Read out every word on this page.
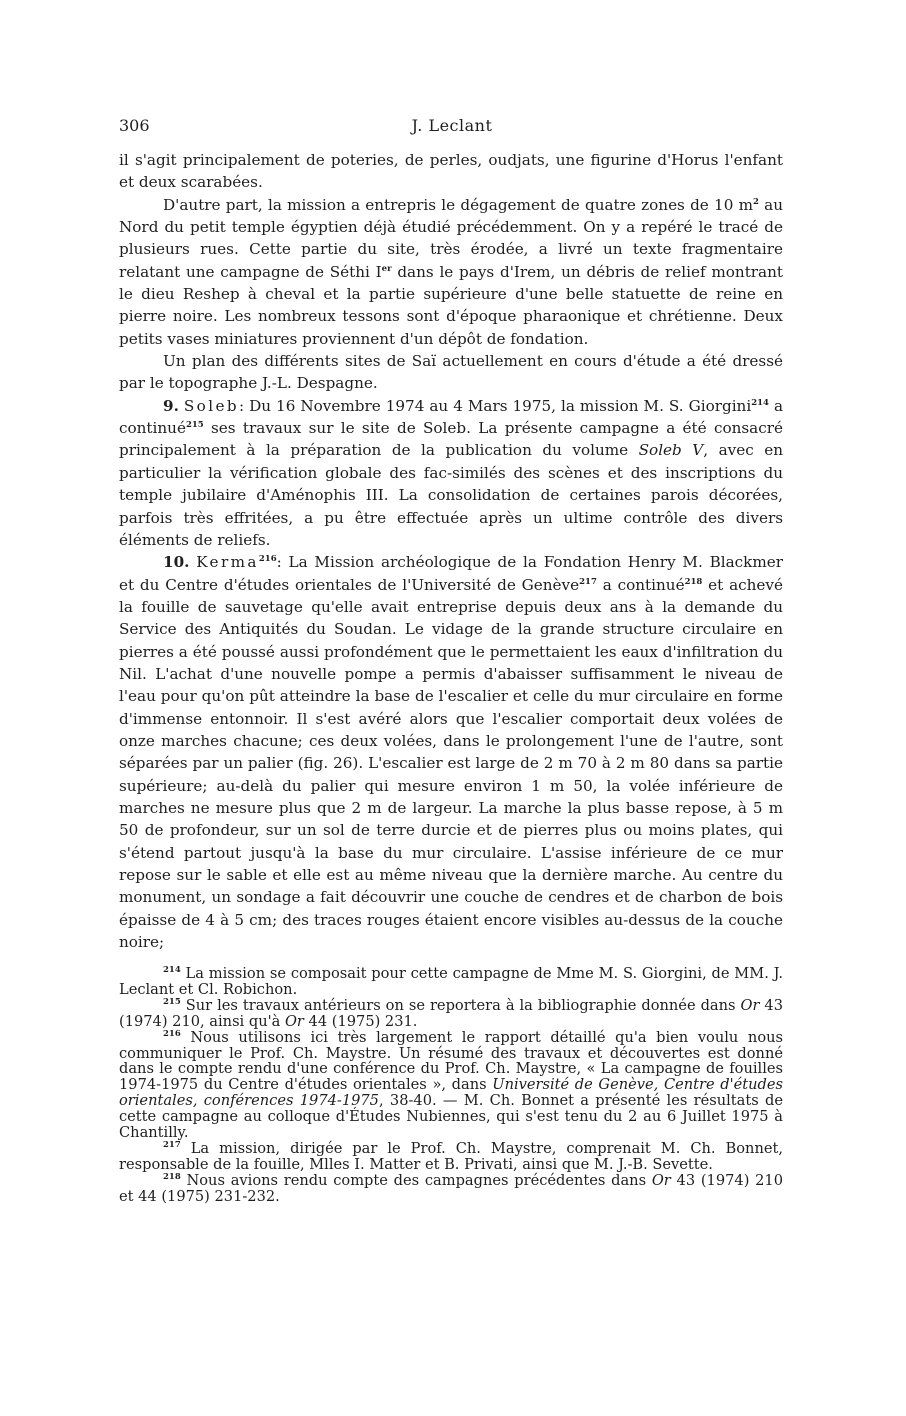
306	J. Leclant

il s'agit principalement de poteries, de perles, oudjats, une figurine d'Horus l'enfant et deux scarabées.

D'autre part, la mission a entrepris le dégagement de quatre zones de 10 m$^2$ au Nord du petit temple égyptien déjà étudié précédemment. On y a repéré le tracé de plusieurs rues. Cette partie du site, très érodée, a livré un texte fragmentaire relatant une campagne de Séthi Ier dans le pays d'Irem, un débris de relief montrant le dieu Reshep à cheval et la partie supérieure d'une belle statuette de reine en pierre noire. Les nombreux tessons sont d'époque pharaonique et chrétienne. Deux petits vases miniatures proviennent d'un dépôt de fondation.

Un plan des différents sites de Saï actuellement en cours d'étude a été dressé par le topographe J.-L. Despagne.

9. Soleb: Du 16 Novembre 1974 au 4 Mars 1975, la mission M. S. Giorgini$^{214}$ a continué$^{215}$ ses travaux sur le site de Soleb. La présente campagne a été consacré principalement à la préparation de la publication du volume Soleb V, avec en particulier la vérification globale des fac-similés des scènes et des inscriptions du temple jubilaire d'Aménophis III. La consolidation de certaines parois décorées, parfois très effritées, a pu être effectuée après un ultime contrôle des divers éléments de reliefs.

10. Kerma$^{216}$: La Mission archéologique de la Fondation Henry M. Blackmer et du Centre d'études orientales de l'Université de Genève$^{217}$ a continué$^{218}$ et achevé la fouille de sauvetage qu'elle avait entreprise depuis deux ans à la demande du Service des Antiquités du Soudan. Le vidage de la grande structure circulaire en pierres a été poussé aussi profondément que le permettaient les eaux d'infiltration du Nil. L'achat d'une nouvelle pompe a permis d'abaisser suffisamment le niveau de l'eau pour qu'on pût atteindre la base de l'escalier et celle du mur circulaire en forme d'immense entonnoir. Il s'est avéré alors que l'escalier comportait deux volées de onze marches chacune; ces deux volées, dans le prolongement l'une de l'autre, sont séparées par un palier (fig. 26). L'escalier est large de 2 m 70 à 2 m 80 dans sa partie supérieure; au-delà du palier qui mesure environ 1 m 50, la volée inférieure de marches ne mesure plus que 2 m de largeur. La marche la plus basse repose, à 5 m 50 de profondeur, sur un sol de terre durcie et de pierres plus ou moins plates, qui s'étend partout jusqu'à la base du mur circulaire. L'assise inférieure de ce mur repose sur le sable et elle est au même niveau que la dernière marche. Au centre du monument, un sondage a fait découvrir une couche de cendres et de charbon de bois épaisse de 4 à 5 cm; des traces rouges étaient encore visibles au-dessus de la couche noire;

$^{214}$ La mission se composait pour cette campagne de Mme M. S. Giorgini, de MM. J. Leclant et Cl. Robichon.

$^{215}$ Sur les travaux antérieurs on se reportera à la bibliographie donnée dans Or 43 (1974) 210, ainsi qu'à Or 44 (1975) 231.

$^{216}$ Nous utilisons ici très largement le rapport détaillé qu'a bien voulu nous communiquer le Prof. Ch. Maystre. Un résumé des travaux et découvertes est donné dans le compte rendu d'une conférence du Prof. Ch. Maystre, « La campagne de fouilles 1974-1975 du Centre d'études orientales », dans Université de Genève, Centre d'études orientales, conférences 1974-1975, 38-40. — M. Ch. Bonnet a présenté les résultats de cette campagne au colloque d'Études Nubiennes, qui s'est tenu du 2 au 6 Juillet 1975 à Chantilly.

$^{217}$ La mission, dirigée par le Prof. Ch. Maystre, comprenait M. Ch. Bonnet, responsable de la fouille, Mlles I. Matter et B. Privati, ainsi que M. J.-B. Sevette.

$^{218}$ Nous avions rendu compte des campagnes précédentes dans Or 43 (1974) 210 et 44 (1975) 231-232.
